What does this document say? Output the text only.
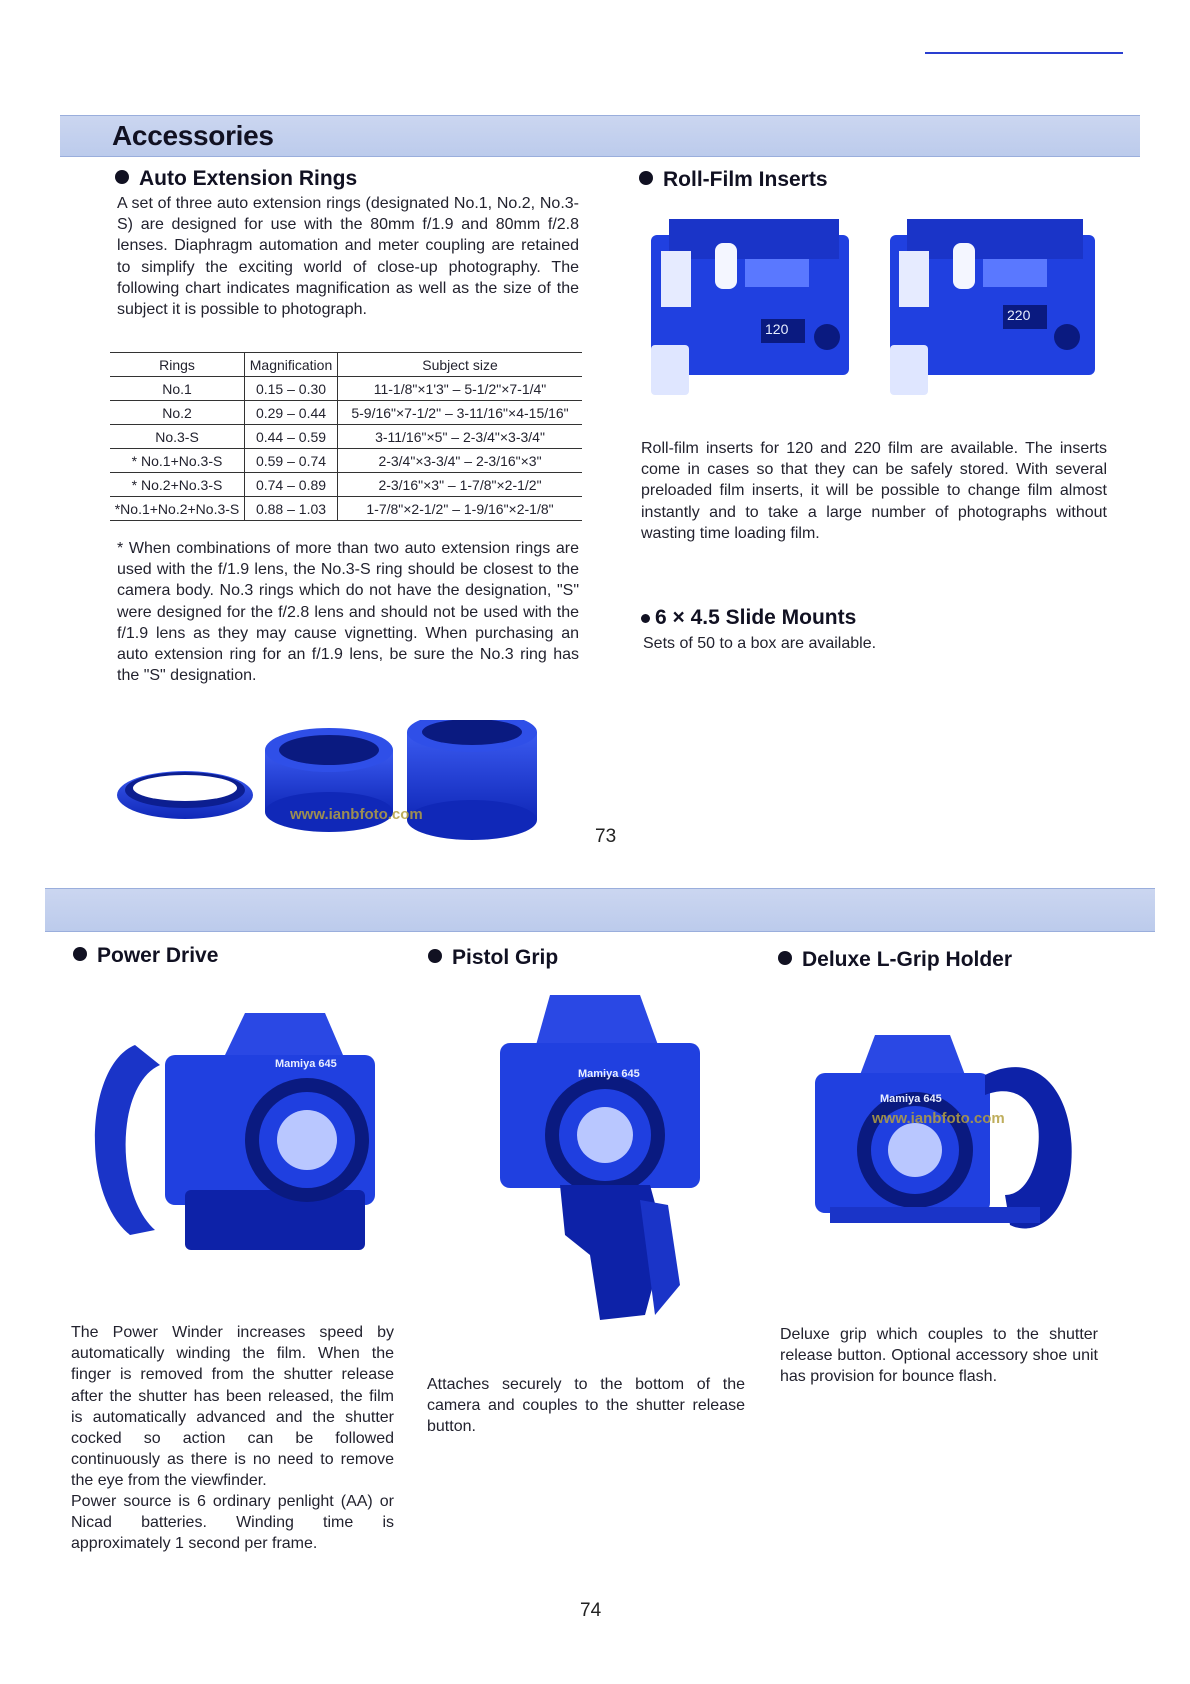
Accessories
Auto Extension Rings
A set of three auto extension rings (designated No.1, No.2, No.3-S) are designed for use with the 80mm f/1.9 and 80mm f/2.8 lenses. Diaphragm automation and meter coupling are retained to simplify the exciting world of close-up photography. The following chart indicates magnification as well as the size of the subject it is possible to photograph.
Rings	Magnification	Subject size
No.1	0.15 – 0.30	11-1/8"×1'3" – 5-1/2"×7-1/4"
No.2	0.29 – 0.44	5-9/16"×7-1/2" – 3-11/16"×4-15/16"
No.3-S	0.44 – 0.59	3-11/16"×5" – 2-3/4"×3-3/4"
* No.1+No.3-S	0.59 – 0.74	2-3/4"×3-3/4" – 2-3/16"×3"
* No.2+No.3-S	0.74 – 0.89	2-3/16"×3" – 1-7/8"×2-1/2"
*No.1+No.2+No.3-S	0.88 – 1.03	1-7/8"×2-1/2" – 1-9/16"×2-1/8"
* When combinations of more than two auto extension rings are used with the f/1.9 lens, the No.3-S ring should be closest to the camera body. No.3 rings which do not have the designation, "S" were designed for the f/2.8 lens and should not be used with the f/1.9 lens as they may cause vignetting. When purchasing an auto extension ring for an f/1.9 lens, be sure the No.3 ring has the "S" designation.
www.ianbfoto.com
Roll-Film Inserts
120
220
Roll-film inserts for 120 and 220 film are available. The inserts come in cases so that they can be safely stored. With several preloaded film inserts, it will be possible to change film almost instantly and to take a large number of photographs without wasting time loading film.
6 × 4.5 Slide Mounts
Sets of 50 to a box are available.
73
Power Drive
Mamiya 645
The Power Winder increases speed by automatically winding the film. When the finger is removed from the shutter release after the shutter has been released, the film is automatically advanced and the shutter cocked so action can be followed continuously as there is no need to remove the eye from the viewfinder.
Power source is 6 ordinary penlight (AA) or Nicad batteries. Winding time is approximately 1 second per frame.
Pistol Grip
Mamiya 645
Attaches securely to the bottom of the camera and couples to the shutter release button.
Deluxe L-Grip Holder
Mamiya 645
www.ianbfoto.com
Deluxe grip which couples to the shutter release button. Optional accessory shoe unit has provision for bounce flash.
74
